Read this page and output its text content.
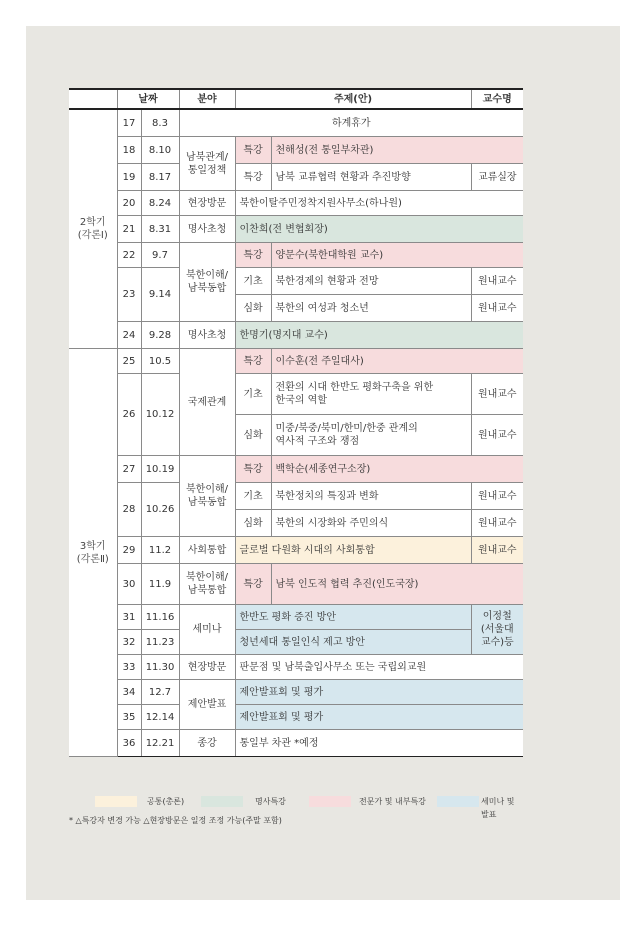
	날짜		분야	주제(안)		교수명
2학기
(각론Ⅰ)	17	8.3	하계휴가			
	18	8.10	남북관계/
통일정책	특강	천해성(전 통일부차관)	
	19	8.17		특강	남북 교류협력 현황과 추진방향	교류실장
	20	8.24	현장방문	북한이탈주민정착지원사무소(하나원)		
	21	8.31	명사초청	이찬희(전 변협회장)		
	22	9.7	북한이해/
남북동합	특강	양문수(북한대학원 교수)	
	23	9.14		기초	북한경제의 현황과 전망	원내교수
				심화	북한의 여성과 청소년	원내교수
	24	9.28	명사초청	한명기(명지대 교수)		
3학기
(각론Ⅱ)	25	10.5	국제관계	특강	이수훈(전 주일대사)	
	26	10.12		기초	전환의 시대 한반도 평화구축을 위한
한국의 역할	원내교수
				심화	미중/북중/북미/한미/한중 관계의
역사적 구조와 쟁점	원내교수
	27	10.19	북한이해/
남북동합	특강	백학순(세종연구소장)	
	28	10.26		기초	북한정치의 특징과 변화	원내교수
				심화	북한의 시장화와 주민의식	원내교수
	29	11.2	사회통합	글로벌 다원화 시대의 사회통합		원내교수
	30	11.9	북한이해/
남북통합	특강	남북 인도적 협력 추진(인도국장)	
	31	11.16	세미나	한반도 평화 증진 방안		이정철
(서울대
교수)등
	32	11.23		청년세대 통일인식 제고 방안		
	33	11.30	현장방문	판문점 및 남북출입사무소 또는 국립외교원		
	34	12.7	제안발표	제안발표회 및 평가		
	35	12.14		제안발표회 및 평가		
	36	12.21	종강	통일부 차관 *예정		
공통(총론)	명사특강	전문가 및 내부특강	세미나 및 발표
* △특강자 변경 가능 △현장방문은 일정 조정 가능(주말 포함)
